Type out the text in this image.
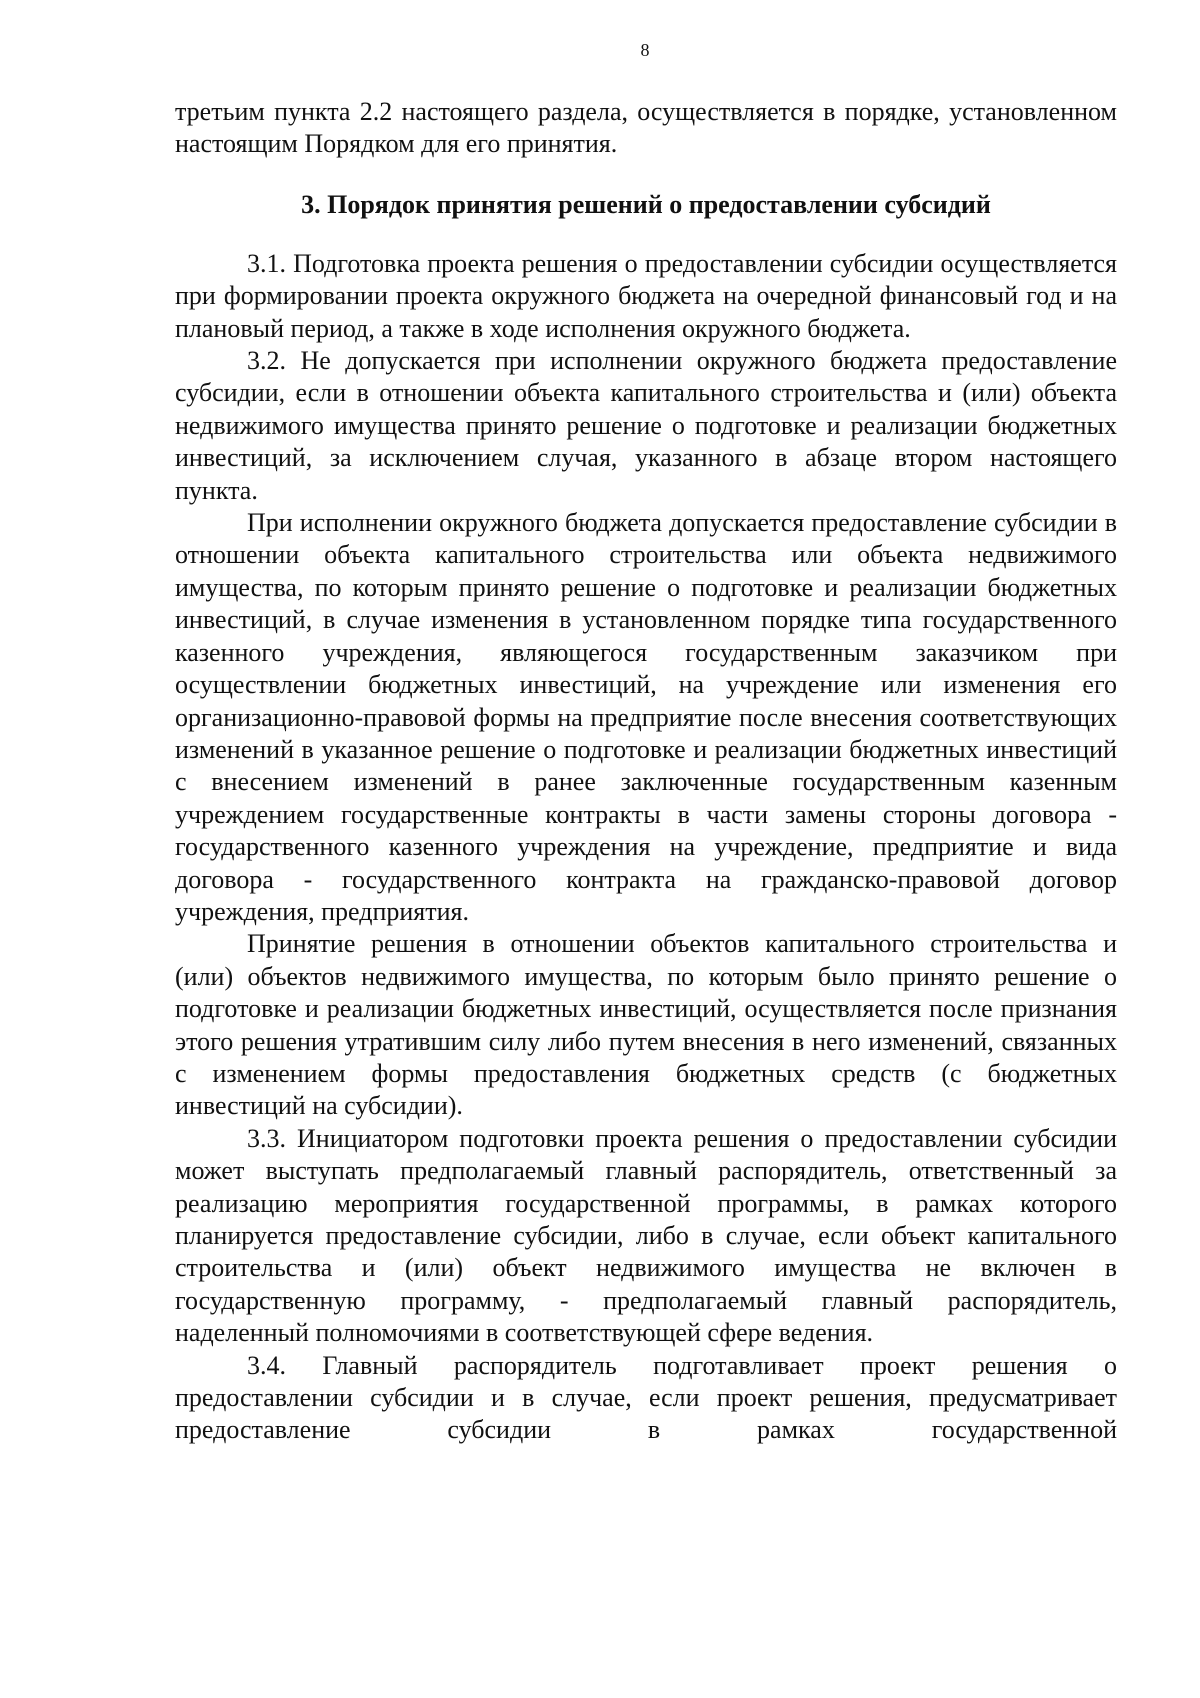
8

третьим пункта 2.2 настоящего раздела, осуществляется в порядке, установленном настоящим Порядком для его принятия.

3. Порядок принятия решений о предоставлении субсидий

3.1. Подготовка проекта решения о предоставлении субсидии осуществляется при формировании проекта окружного бюджета на очередной финансовый год и на плановый период, а также в ходе исполнения окружного бюджета.

3.2. Не допускается при исполнении окружного бюджета предоставление субсидии, если в отношении объекта капитального строительства и (или) объекта недвижимого имущества принято решение о подготовке и реализации бюджетных инвестиций, за исключением случая, указанного в абзаце втором настоящего пункта.

При исполнении окружного бюджета допускается предоставление субсидии в отношении объекта капитального строительства или объекта недвижимого имущества, по которым принято решение о подготовке и реализации бюджетных инвестиций, в случае изменения в установленном порядке типа государственного казенного учреждения, являющегося государственным заказчиком при осуществлении бюджетных инвестиций, на учреждение или изменения его организационно-правовой формы на предприятие после внесения соответствующих изменений в указанное решение о подготовке и реализации бюджетных инвестиций с внесением изменений в ранее заключенные государственным казенным учреждением государственные контракты в части замены стороны договора - государственного казенного учреждения на учреждение, предприятие и вида договора - государственного контракта на гражданско-правовой договор учреждения, предприятия.

Принятие решения в отношении объектов капитального строительства и (или) объектов недвижимого имущества, по которым было принято решение о подготовке и реализации бюджетных инвестиций, осуществляется после признания этого решения утратившим силу либо путем внесения в него изменений, связанных с изменением формы предоставления бюджетных средств (с бюджетных инвестиций на субсидии).

3.3. Инициатором подготовки проекта решения о предоставлении субсидии может выступать предполагаемый главный распорядитель, ответственный за реализацию мероприятия государственной программы, в рамках которого планируется предоставление субсидии, либо в случае, если объект капитального строительства и (или) объект недвижимого имущества не включен в государственную программу, - предполагаемый главный распорядитель, наделенный полномочиями в соответствующей сфере ведения.

3.4. Главный распорядитель подготавливает проект решения о предоставлении субсидии и в случае, если проект решения, предусматривает предоставление субсидии в рамках государственной
